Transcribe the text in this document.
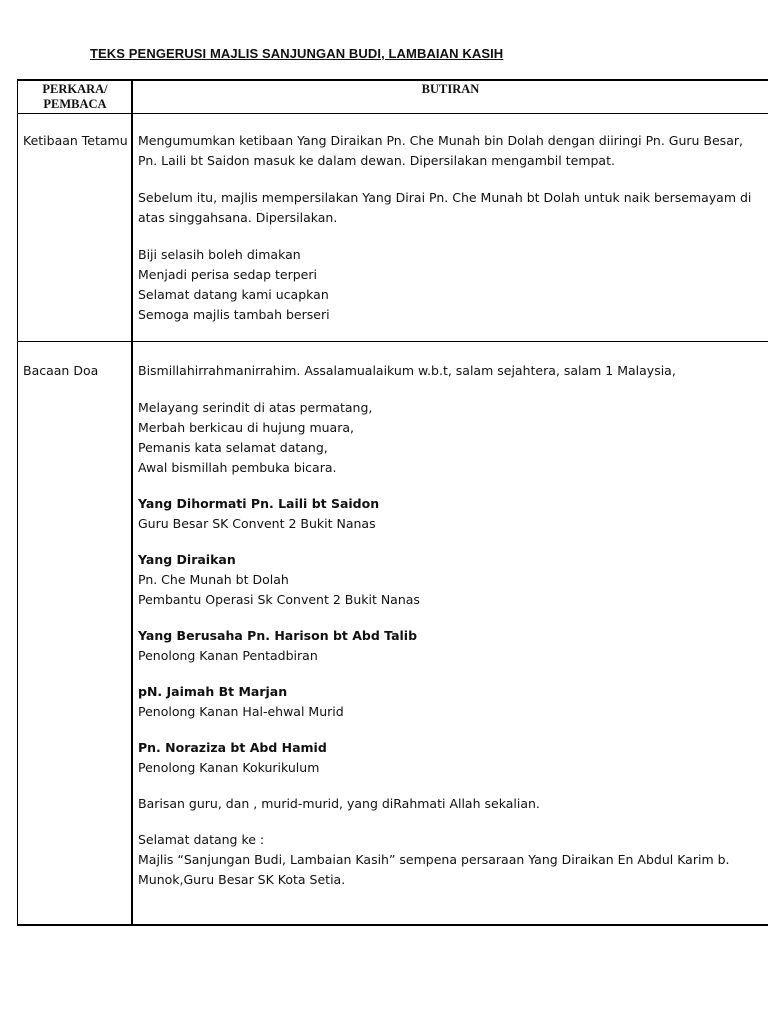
TEKS PENGERUSI MAJLIS SANJUNGAN BUDI, LAMBAIAN KASIH
PERKARA/ PEMBACA
BUTIRAN
Ketibaan Tetamu Mengumumkan ketibaan Yang Diraikan Pn. Che Munah bin Dolah dengan diiringi Pn. Guru Besar, Pn. Laili bt Saidon masuk ke dalam dewan. Dipersilakan mengambil tempat.

Sebelum itu, majlis mempersilakan Yang Dirai Pn. Che Munah bt Dolah untuk naik bersemayam di atas singgahsana. Dipersilakan.

Biji selasih boleh dimakan

Menjadi perisa sedap terperi

Selamat datang kami ucapkan

Semoga majlis tambah berseri

Bacaan Doa	Bismillahirrahmanirrahim. Assalamualaikum w.b.t, salam sejahtera, salam 1 Malaysia,

Melayang serindit di atas permatang,

Merbah berkicau di hujung muara,

Pemanis kata selamat datang,

Awal bismillah pembuka bicara.

Yang Dihormati Pn. Laili bt Saidon

Guru Besar SK Convent 2 Bukit Nanas

Yang Diraikan

Pn. Che Munah bt Dolah

Pembantu Operasi Sk Convent 2 Bukit Nanas

Yang Berusaha Pn. Harison bt Abd Talib

Penolong Kanan Pentadbiran

pN. Jaimah Bt Marjan

Penolong Kanan Hal-ehwal Murid

Pn. Noraziza bt Abd Hamid

Penolong Kanan Kokurikulum

Barisan guru, dan , murid-murid, yang diRahmati Allah sekalian.

Selamat datang ke :

Majlis “Sanjungan Budi, Lambaian Kasih” sempena persaraan Yang Diraikan En Abdul Karim b. Munok,Guru Besar SK Kota Setia.
